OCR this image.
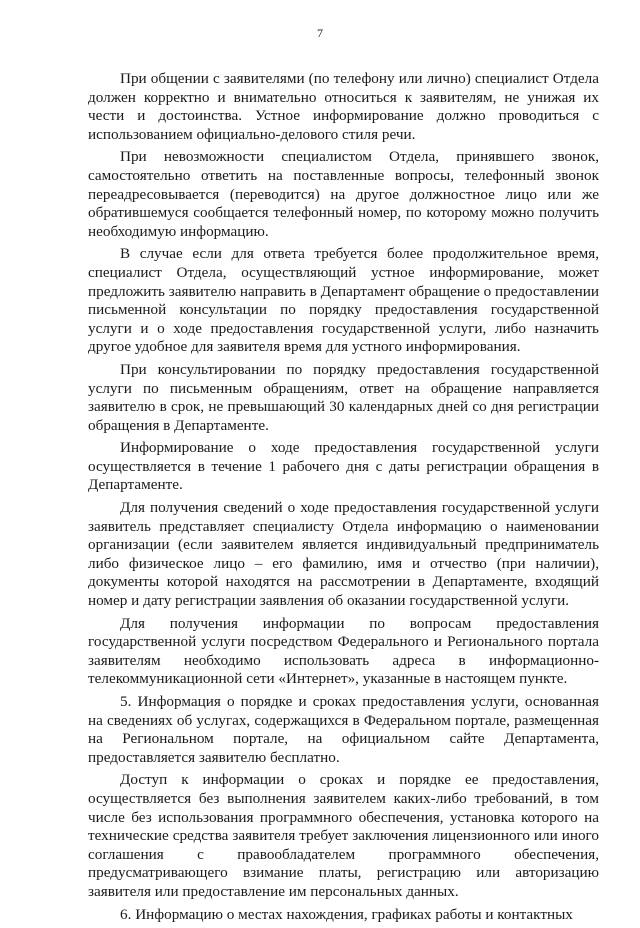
7

При общении с заявителями (по телефону или лично) специалист Отдела должен корректно и внимательно относиться к заявителям, не унижая их чести и достоинства. Устное информирование должно проводиться с использованием официально-делового стиля речи.

При невозможности специалистом Отдела, принявшего звонок, самостоятельно ответить на поставленные вопросы, телефонный звонок переадресовывается (переводится) на другое должностное лицо или же обратившемуся сообщается телефонный номер, по которому можно получить необходимую информацию.

В случае если для ответа требуется более продолжительное время, специалист Отдела, осуществляющий устное информирование, может предложить заявителю направить в Департамент обращение о предоставлении письменной консультации по порядку предоставления государственной услуги и о ходе предоставления государственной услуги, либо назначить другое удобное для заявителя время для устного информирования.

При консультировании по порядку предоставления государственной услуги по письменным обращениям, ответ на обращение направляется заявителю в срок, не превышающий 30 календарных дней со дня регистрации обращения в Департаменте.

Информирование о ходе предоставления государственной услуги осуществляется в течение 1 рабочего дня с даты регистрации обращения в Департаменте.

Для получения сведений о ходе предоставления государственной услуги заявитель представляет специалисту Отдела информацию о наименовании организации (если заявителем является индивидуальный предприниматель либо физическое лицо – его фамилию, имя и отчество (при наличии), документы которой находятся на рассмотрении в Департаменте, входящий номер и дату регистрации заявления об оказании государственной услуги.

Для получения информации по вопросам предоставления государственной услуги посредством Федерального и Регионального портала заявителям необходимо использовать адреса в информационно-телекоммуникационной сети «Интернет», указанные в настоящем пункте.

5. Информация о порядке и сроках предоставления услуги, основанная на сведениях об услугах, содержащихся в Федеральном портале, размещенная на Региональном портале, на официальном сайте Департамента, предоставляется заявителю бесплатно.

Доступ к информации о сроках и порядке ее предоставления, осуществляется без выполнения заявителем каких-либо требований, в том числе без использования программного обеспечения, установка которого на технические средства заявителя требует заключения лицензионного или иного соглашения с правообладателем программного обеспечения, предусматривающего взимание платы, регистрацию или авторизацию заявителя или предоставление им персональных данных.

6. Информацию о местах нахождения, графиках работы и контактных
